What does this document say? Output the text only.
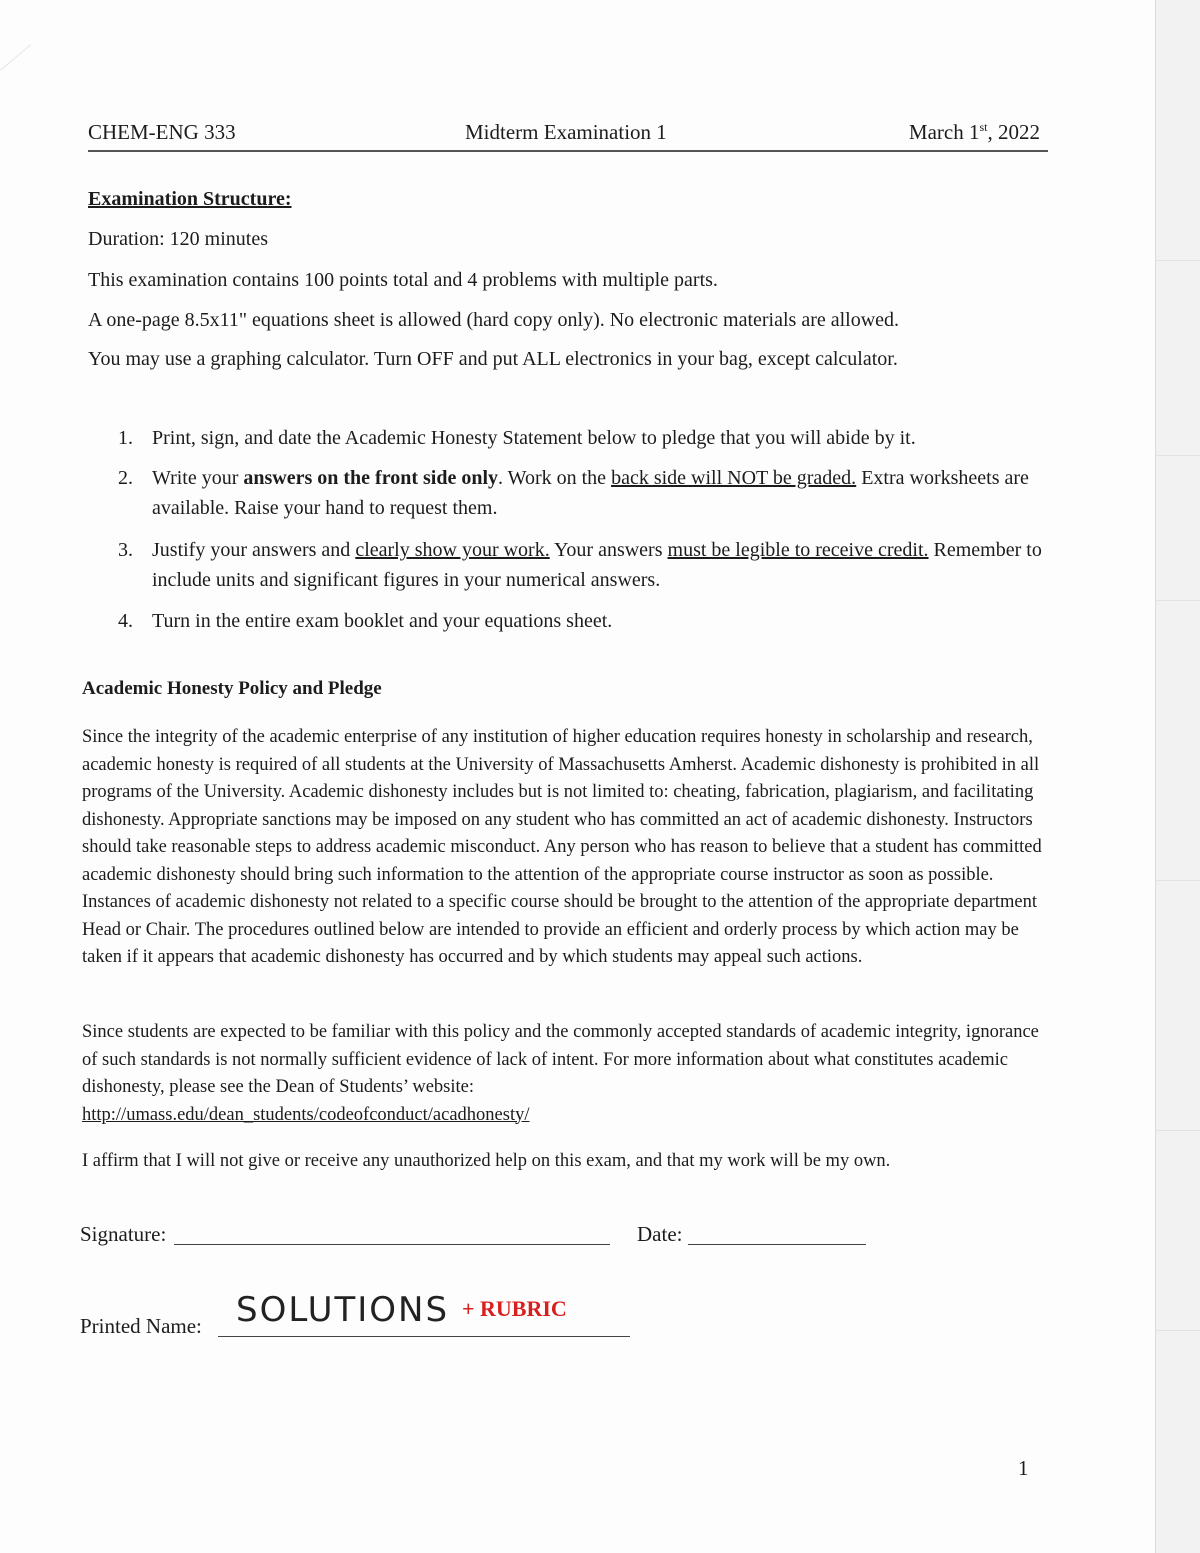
CHEM-ENG 333	Midterm Examination 1	March 1st, 2022
Examination Structure:
Duration: 120 minutes
This examination contains 100 points total and 4 problems with multiple parts.
A one-page 8.5x11" equations sheet is allowed (hard copy only). No electronic materials are allowed.
You may use a graphing calculator. Turn OFF and put ALL electronics in your bag, except calculator.
1. Print, sign, and date the Academic Honesty Statement below to pledge that you will abide by it.
2. Write your answers on the front side only. Work on the back side will NOT be graded. Extra worksheets are available. Raise your hand to request them.
3. Justify your answers and clearly show your work. Your answers must be legible to receive credit. Remember to include units and significant figures in your numerical answers.
4. Turn in the entire exam booklet and your equations sheet.
Academic Honesty Policy and Pledge
Since the integrity of the academic enterprise of any institution of higher education requires honesty in scholarship and research, academic honesty is required of all students at the University of Massachusetts Amherst. Academic dishonesty is prohibited in all programs of the University. Academic dishonesty includes but is not limited to: cheating, fabrication, plagiarism, and facilitating dishonesty. Appropriate sanctions may be imposed on any student who has committed an act of academic dishonesty. Instructors should take reasonable steps to address academic misconduct. Any person who has reason to believe that a student has committed academic dishonesty should bring such information to the attention of the appropriate course instructor as soon as possible. Instances of academic dishonesty not related to a specific course should be brought to the attention of the appropriate department Head or Chair. The procedures outlined below are intended to provide an efficient and orderly process by which action may be taken if it appears that academic dishonesty has occurred and by which students may appeal such actions.
Since students are expected to be familiar with this policy and the commonly accepted standards of academic integrity, ignorance of such standards is not normally sufficient evidence of lack of intent. For more information about what constitutes academic dishonesty, please see the Dean of Students’ website:
http://umass.edu/dean_students/codeofconduct/acadhonesty/
I affirm that I will not give or receive any unauthorized help on this exam, and that my work will be my own.
Signature:	Date:
Printed Name: SOLUTIONS + RUBRIC
1
